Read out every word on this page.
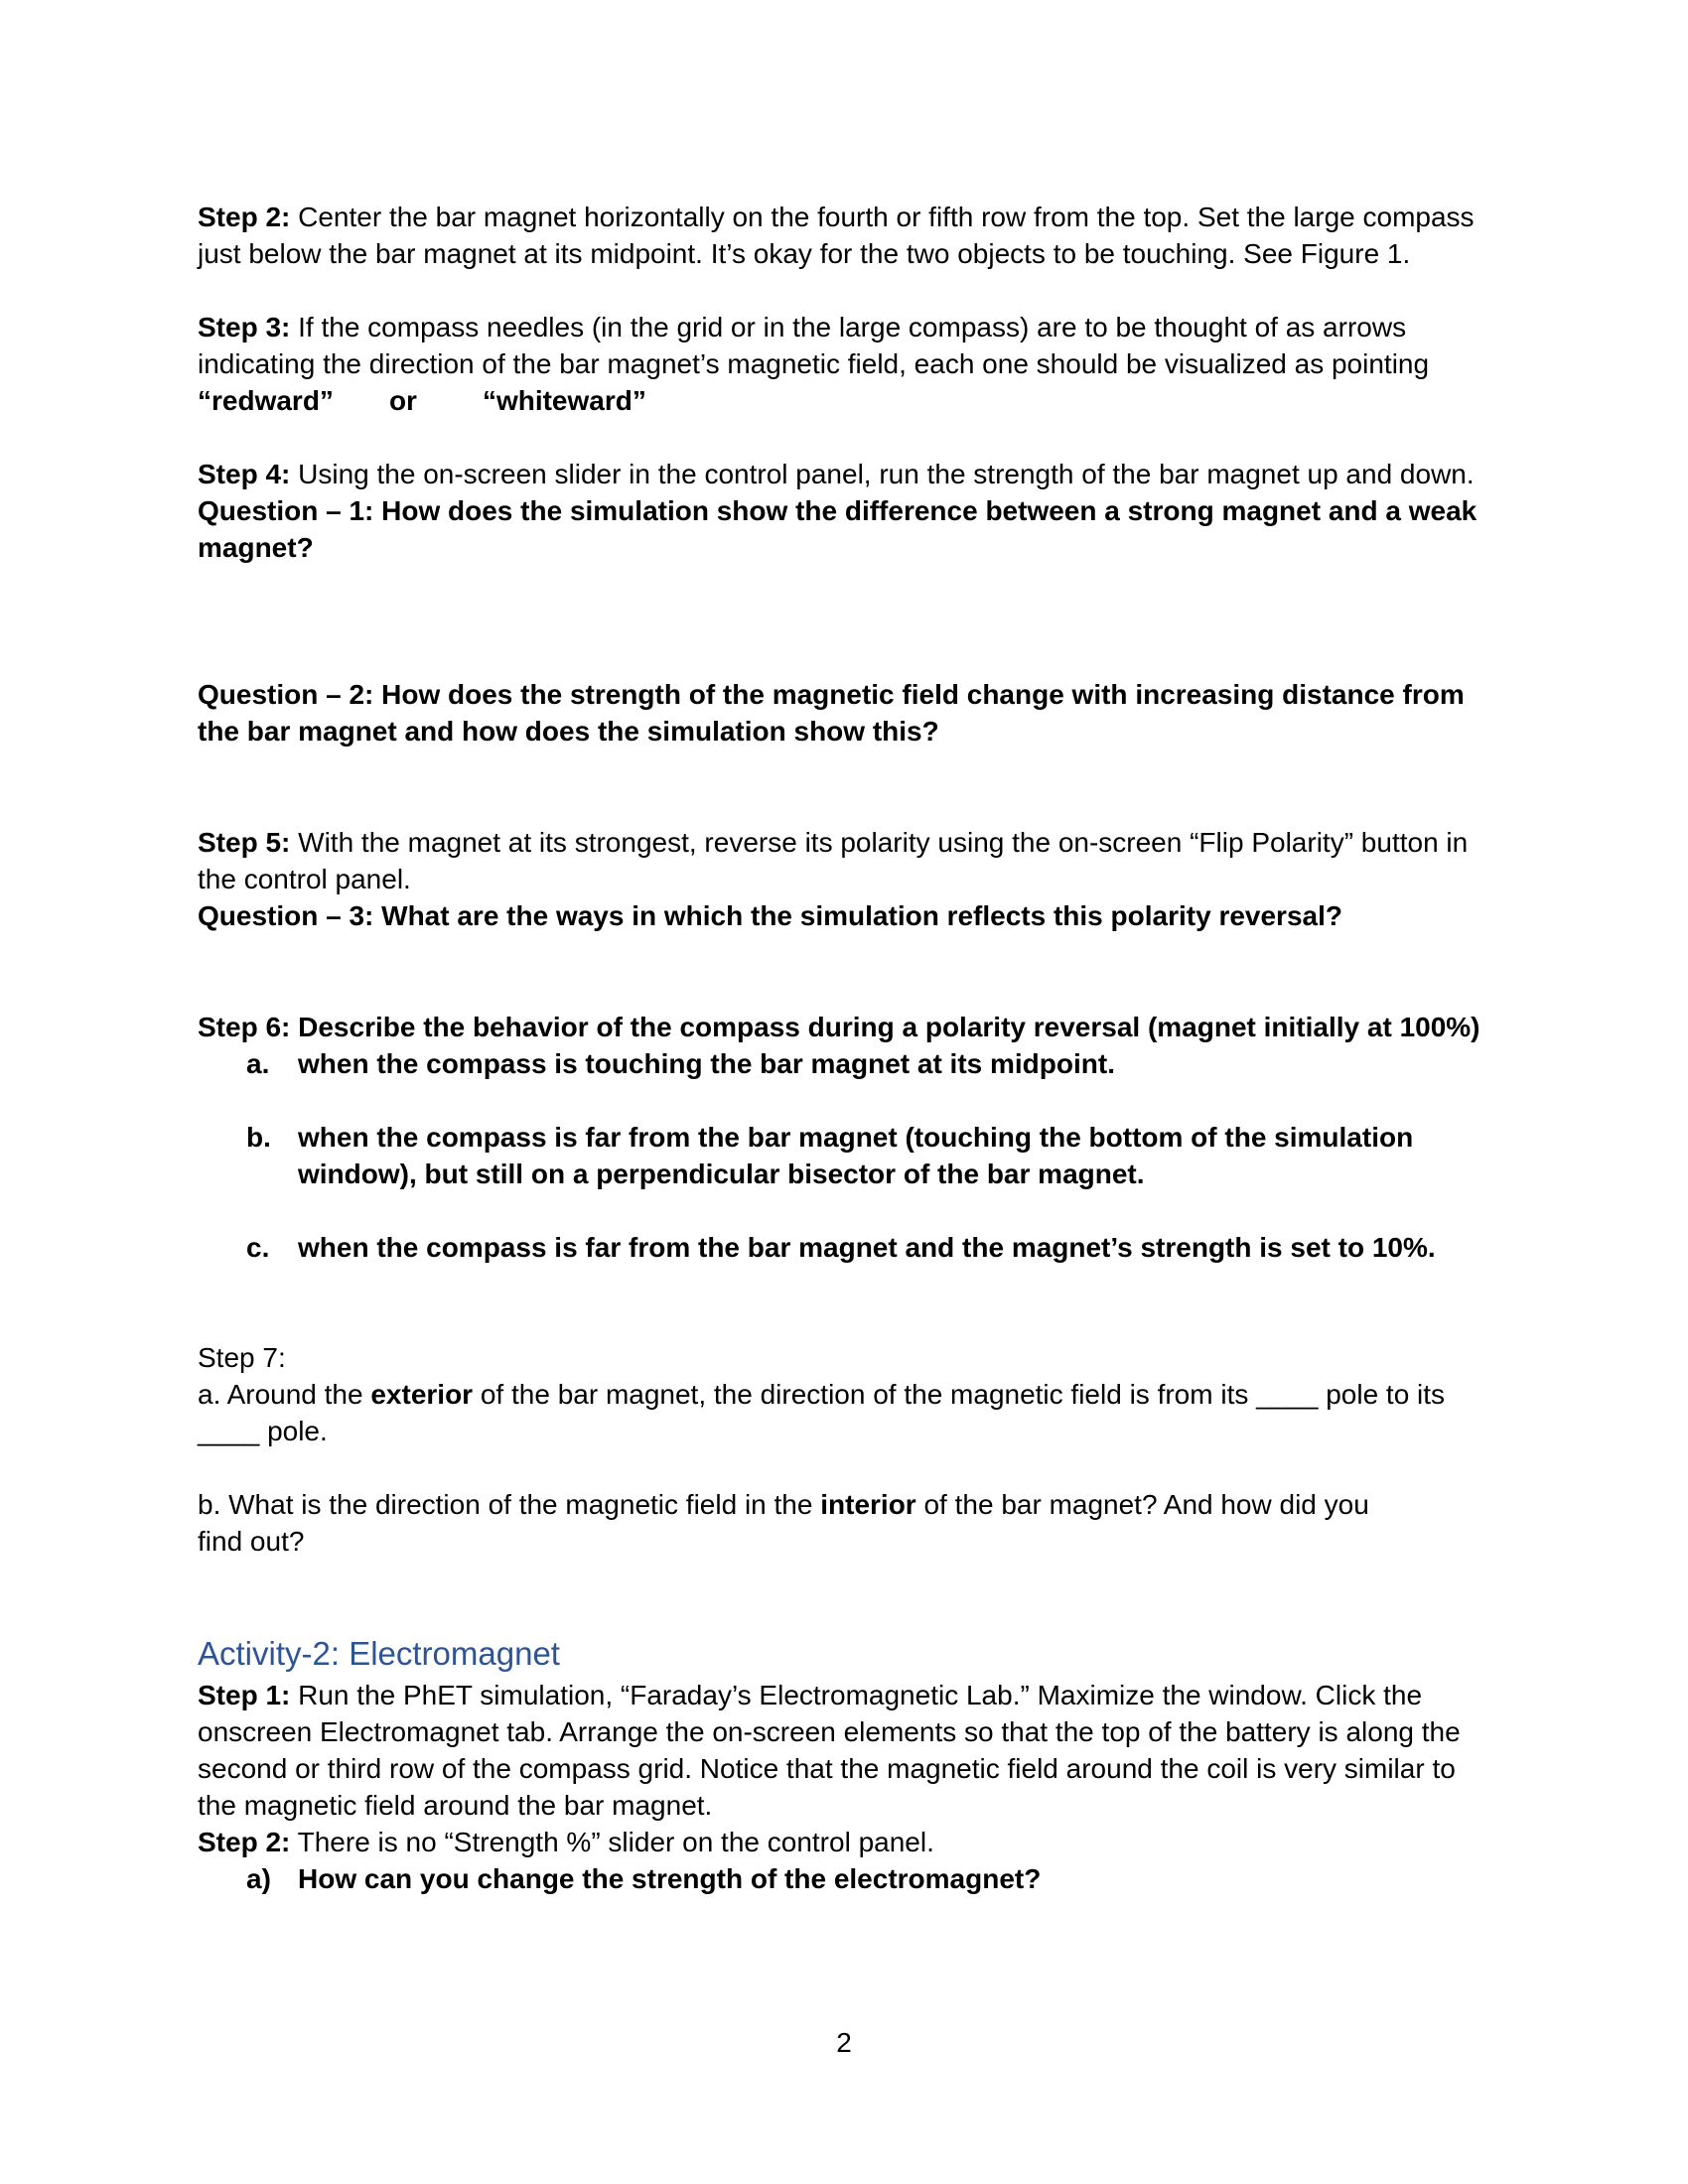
Step 2: Center the bar magnet horizontally on the fourth or fifth row from the top. Set the large compass just below the bar magnet at its midpoint. It’s okay for the two objects to be touching. See Figure 1.

Step 3: If the compass needles (in the grid or in the large compass) are to be thought of as arrows indicating the direction of the bar magnet’s magnetic field, each one should be visualized as pointing

“redward” or “whiteward”

Step 4: Using the on-screen slider in the control panel, run the strength of the bar magnet up and down.

Question – 1: How does the simulation show the difference between a strong magnet and a weak magnet?

Question – 2: How does the strength of the magnetic field change with increasing distance from the bar magnet and how does the simulation show this?

Step 5: With the magnet at its strongest, reverse its polarity using the on-screen “Flip Polarity” button in the control panel.

Question – 3: What are the ways in which the simulation reflects this polarity reversal?

Step 6: Describe the behavior of the compass during a polarity reversal (magnet initially at 100%)
a. when the compass is touching the bar magnet at its midpoint.
b. when the compass is far from the bar magnet (touching the bottom of the simulation window), but still on a perpendicular bisector of the bar magnet.
c. when the compass is far from the bar magnet and the magnet’s strength is set to 10%.

Step 7:

a. Around the exterior of the bar magnet, the direction of the magnetic field is from its ____ pole to its ____ pole.

b. What is the direction of the magnetic field in the interior of the bar magnet? And how did you find out?

Activity-2: Electromagnet

Step 1: Run the PhET simulation, “Faraday’s Electromagnetic Lab.” Maximize the window. Click the onscreen Electromagnet tab. Arrange the on-screen elements so that the top of the battery is along the second or third row of the compass grid. Notice that the magnetic field around the coil is very similar to the magnetic field around the bar magnet.

Step 2: There is no “Strength %” slider on the control panel.

a) How can you change the strength of the electromagnet?
2
